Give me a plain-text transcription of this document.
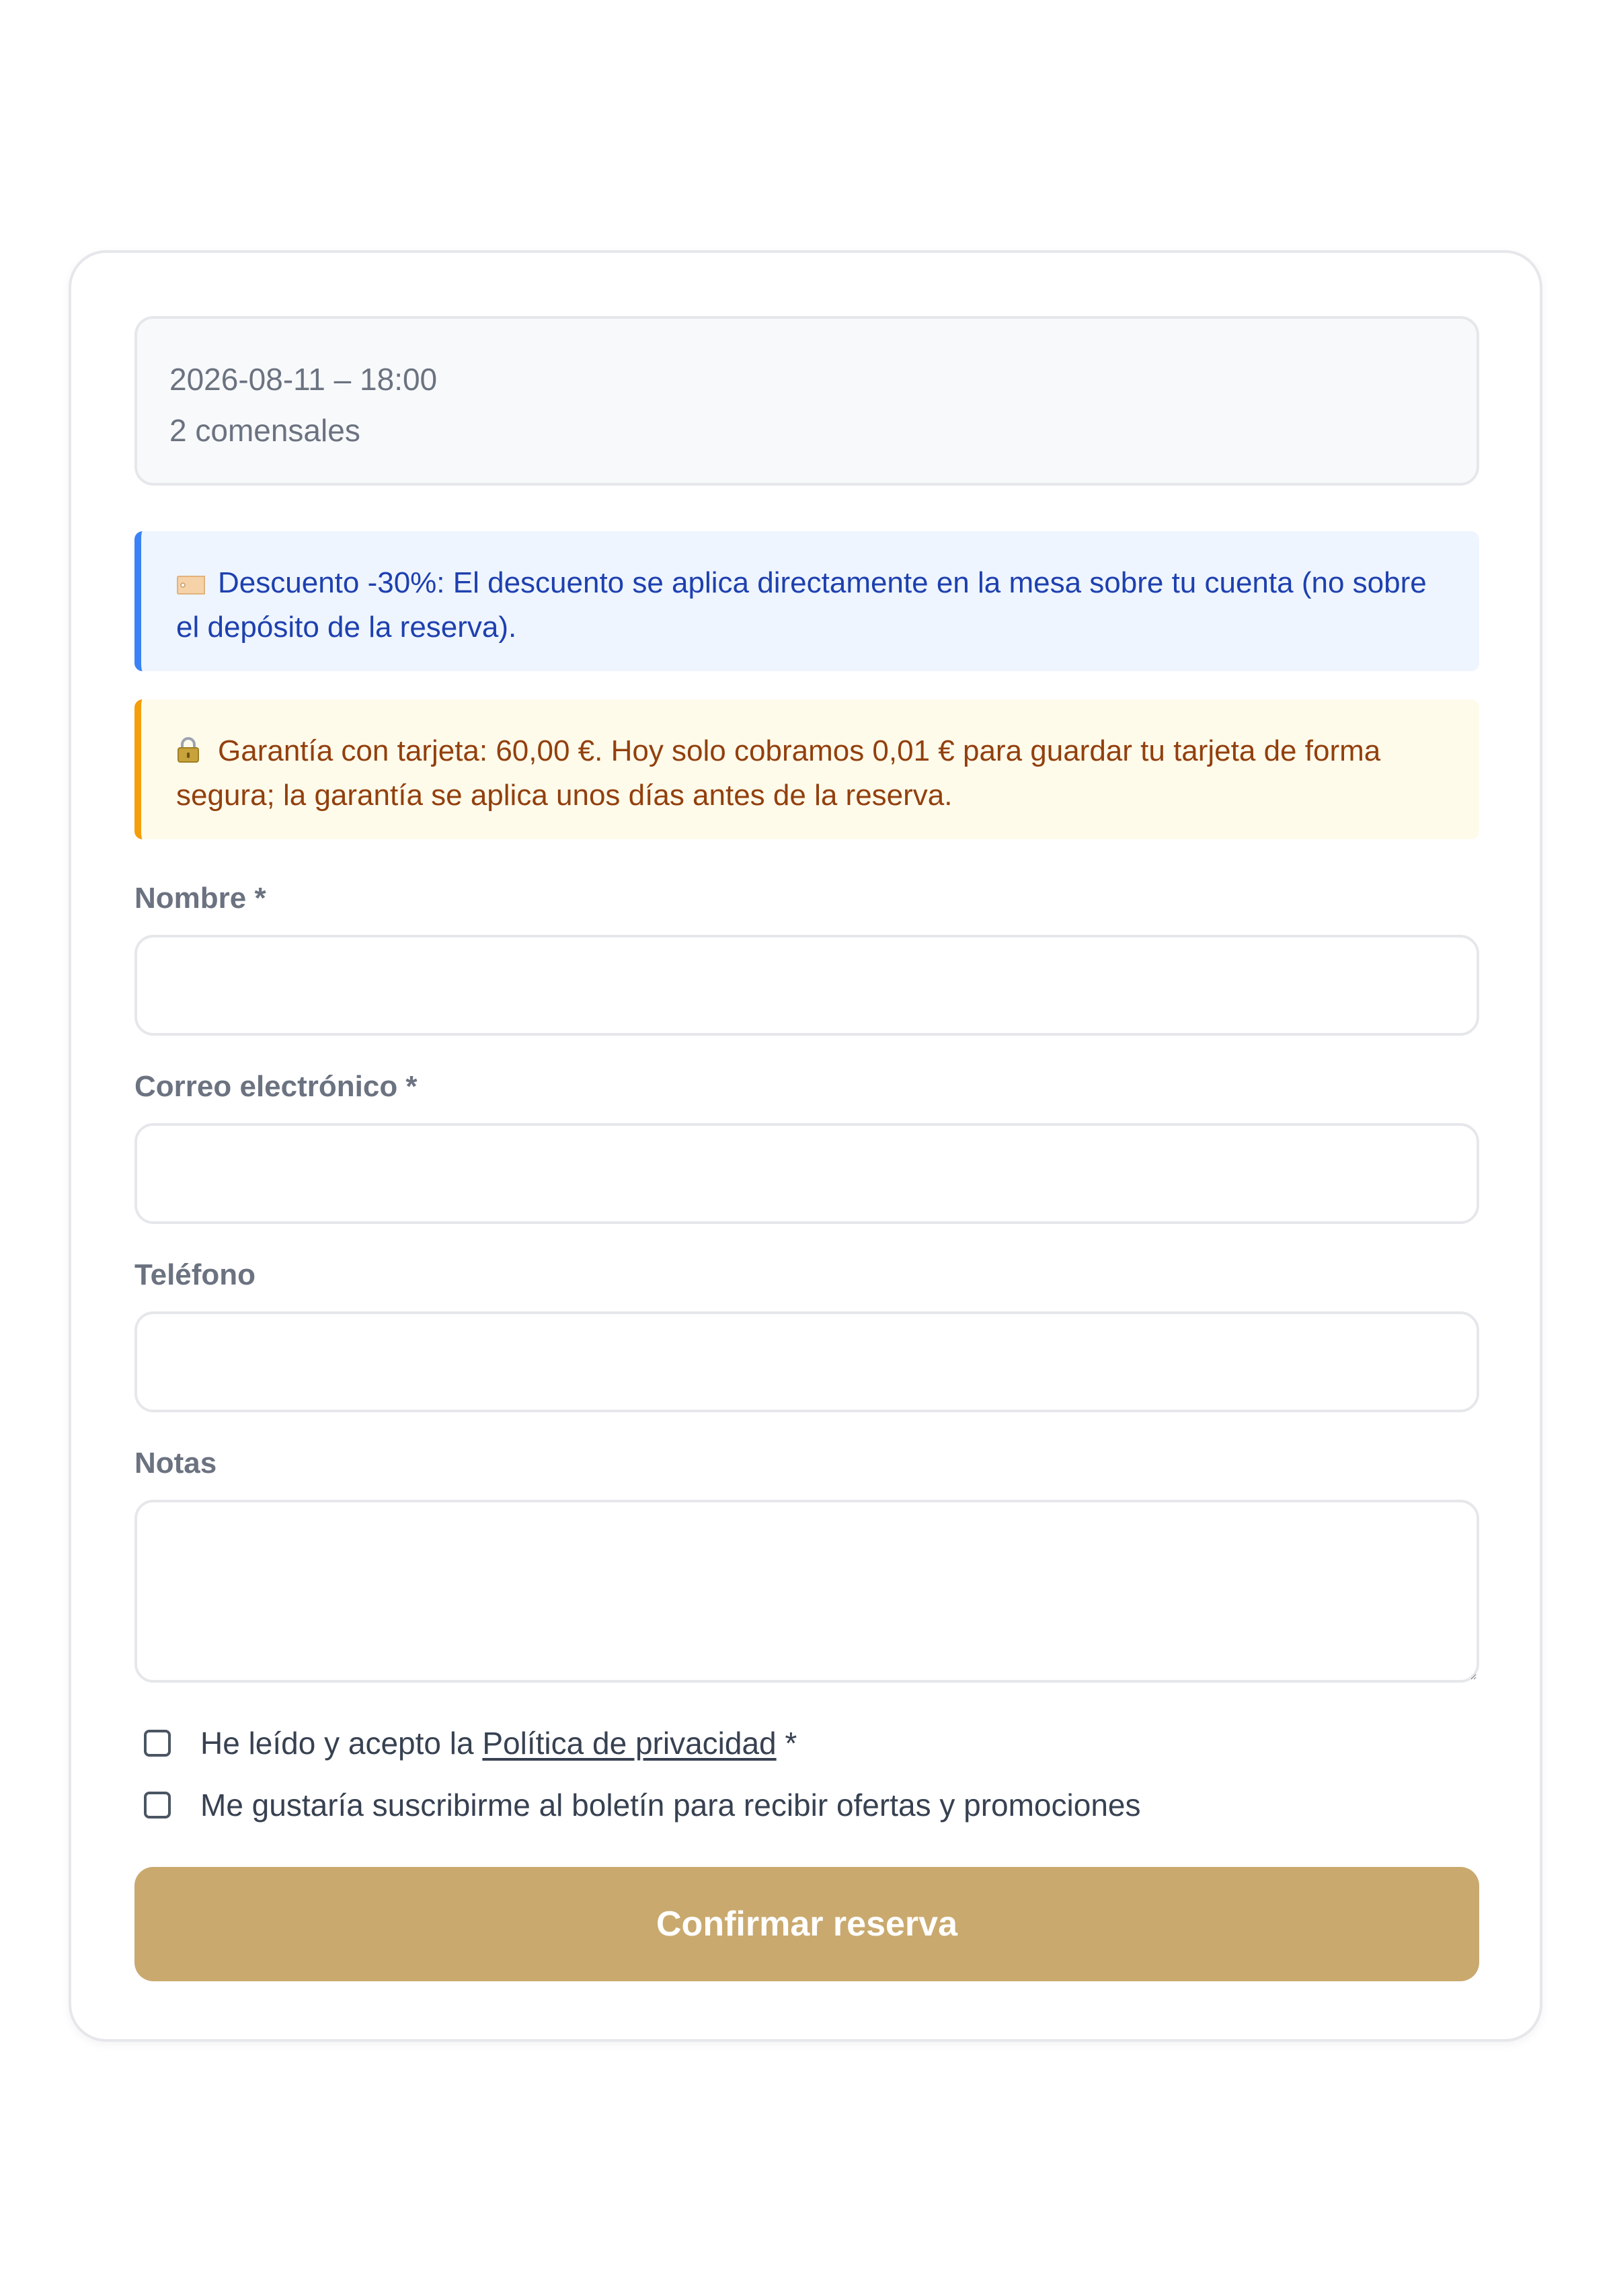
2026-08-11 – 18:00
2 comensales
Descuento -30%: El descuento se aplica directamente en la mesa sobre tu cuenta (no sobre el depósito de la reserva).
Garantía con tarjeta: 60,00 €. Hoy solo cobramos 0,01 € para guardar tu tarjeta de forma segura; la garantía se aplica unos días antes de la reserva.
Nombre *
Correo electrónico *
Teléfono
Notas
He leído y acepto la Política de privacidad *
Me gustaría suscribirme al boletín para recibir ofertas y promociones
Confirmar reserva
